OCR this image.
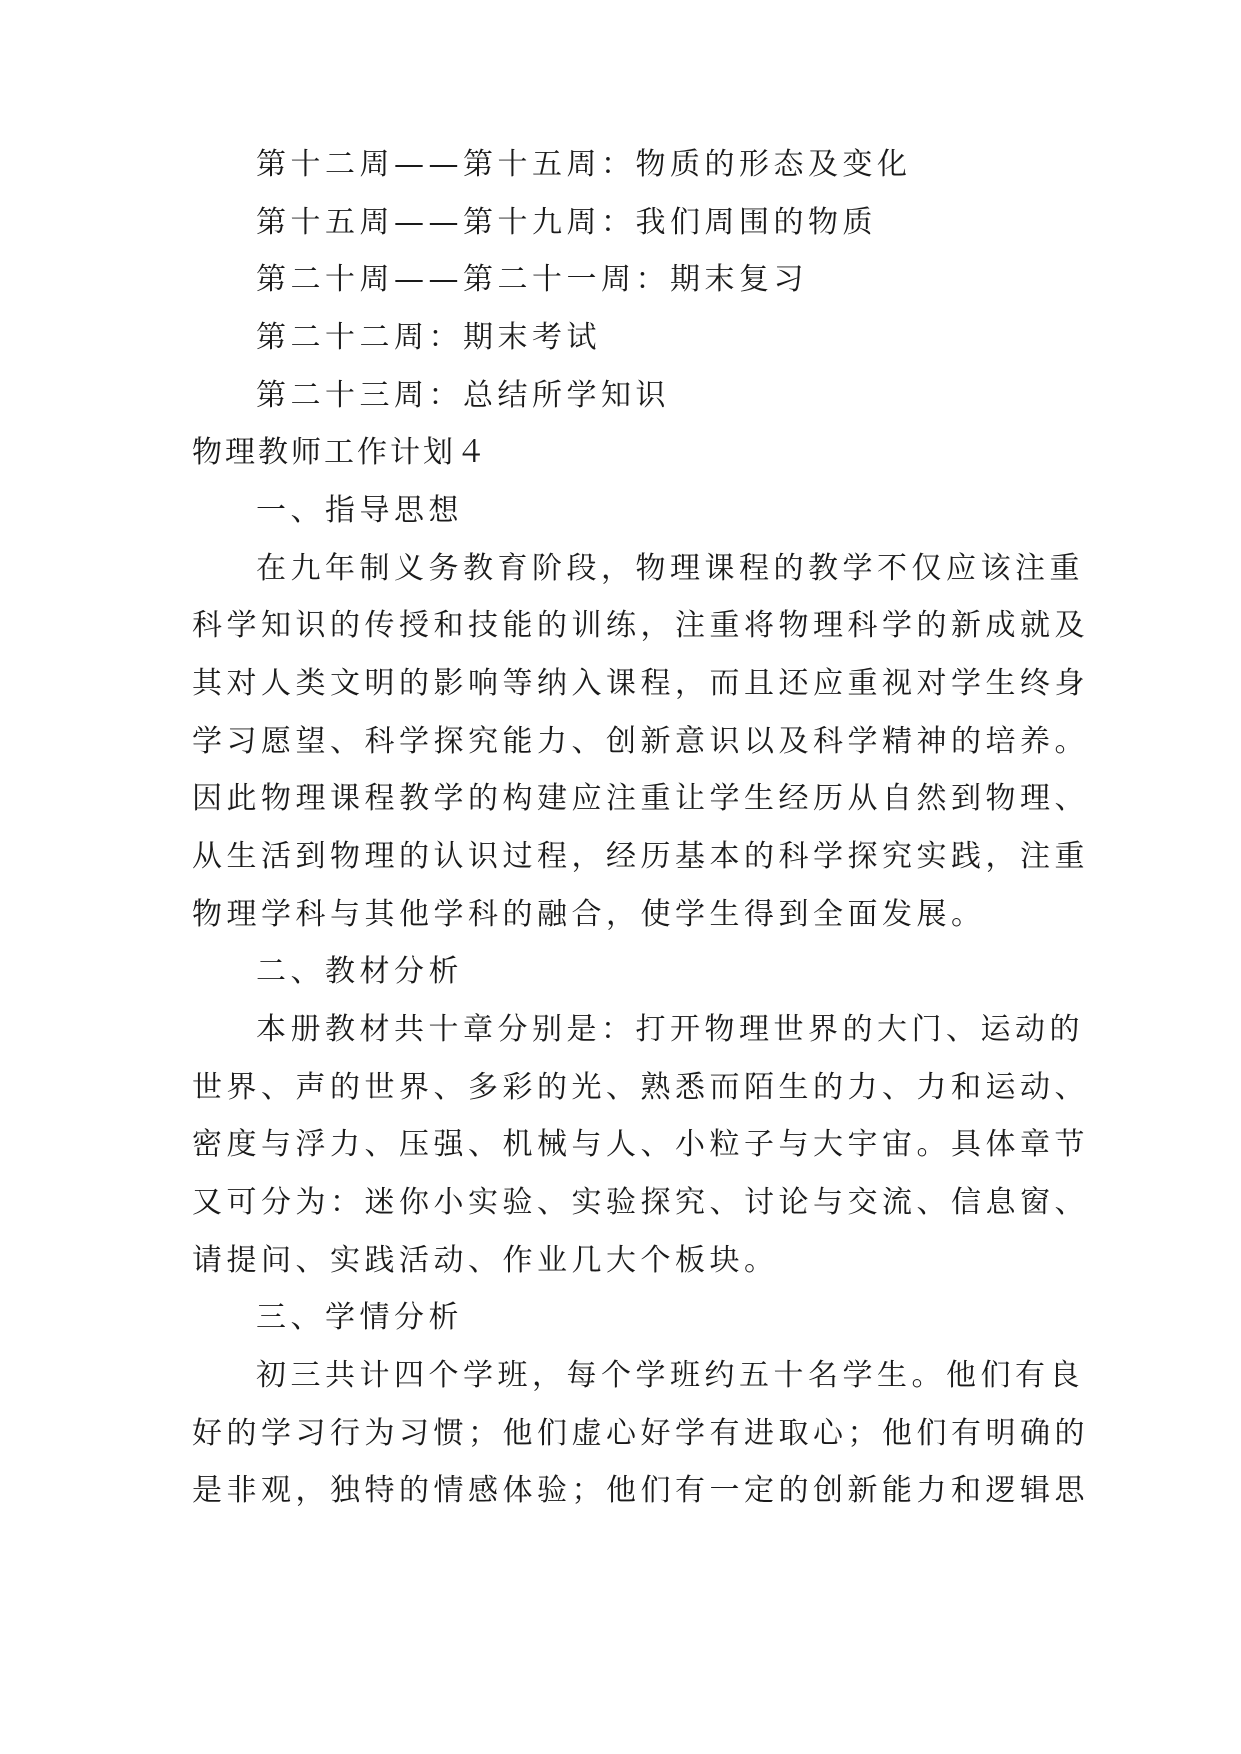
第十二周——第十五周：物质的形态及变化
第十五周——第十九周：我们周围的物质
第二十周——第二十一周：期末复习
第二十二周：期末考试
第二十三周：总结所学知识
物理教师工作计划４
一、指导思想
在九年制义务教育阶段，物理课程的教学不仅应该注重
科学知识的传授和技能的训练，注重将物理科学的新成就及
其对人类文明的影响等纳入课程，而且还应重视对学生终身
学习愿望、科学探究能力、创新意识以及科学精神的培养。
因此物理课程教学的构建应注重让学生经历从自然到物理、
从生活到物理的认识过程，经历基本的科学探究实践，注重
物理学科与其他学科的融合，使学生得到全面发展。
二、教材分析
本册教材共十章分别是：打开物理世界的大门、运动的
世界、声的世界、多彩的光、熟悉而陌生的力、力和运动、
密度与浮力、压强、机械与人、小粒子与大宇宙。具体章节
又可分为：迷你小实验、实验探究、讨论与交流、信息窗、
请提问、实践活动、作业几大个板块。
三、学情分析
初三共计四个学班，每个学班约五十名学生。他们有良
好的学习行为习惯；他们虚心好学有进取心；他们有明确的
是非观，独特的情感体验；他们有一定的创新能力和逻辑思
